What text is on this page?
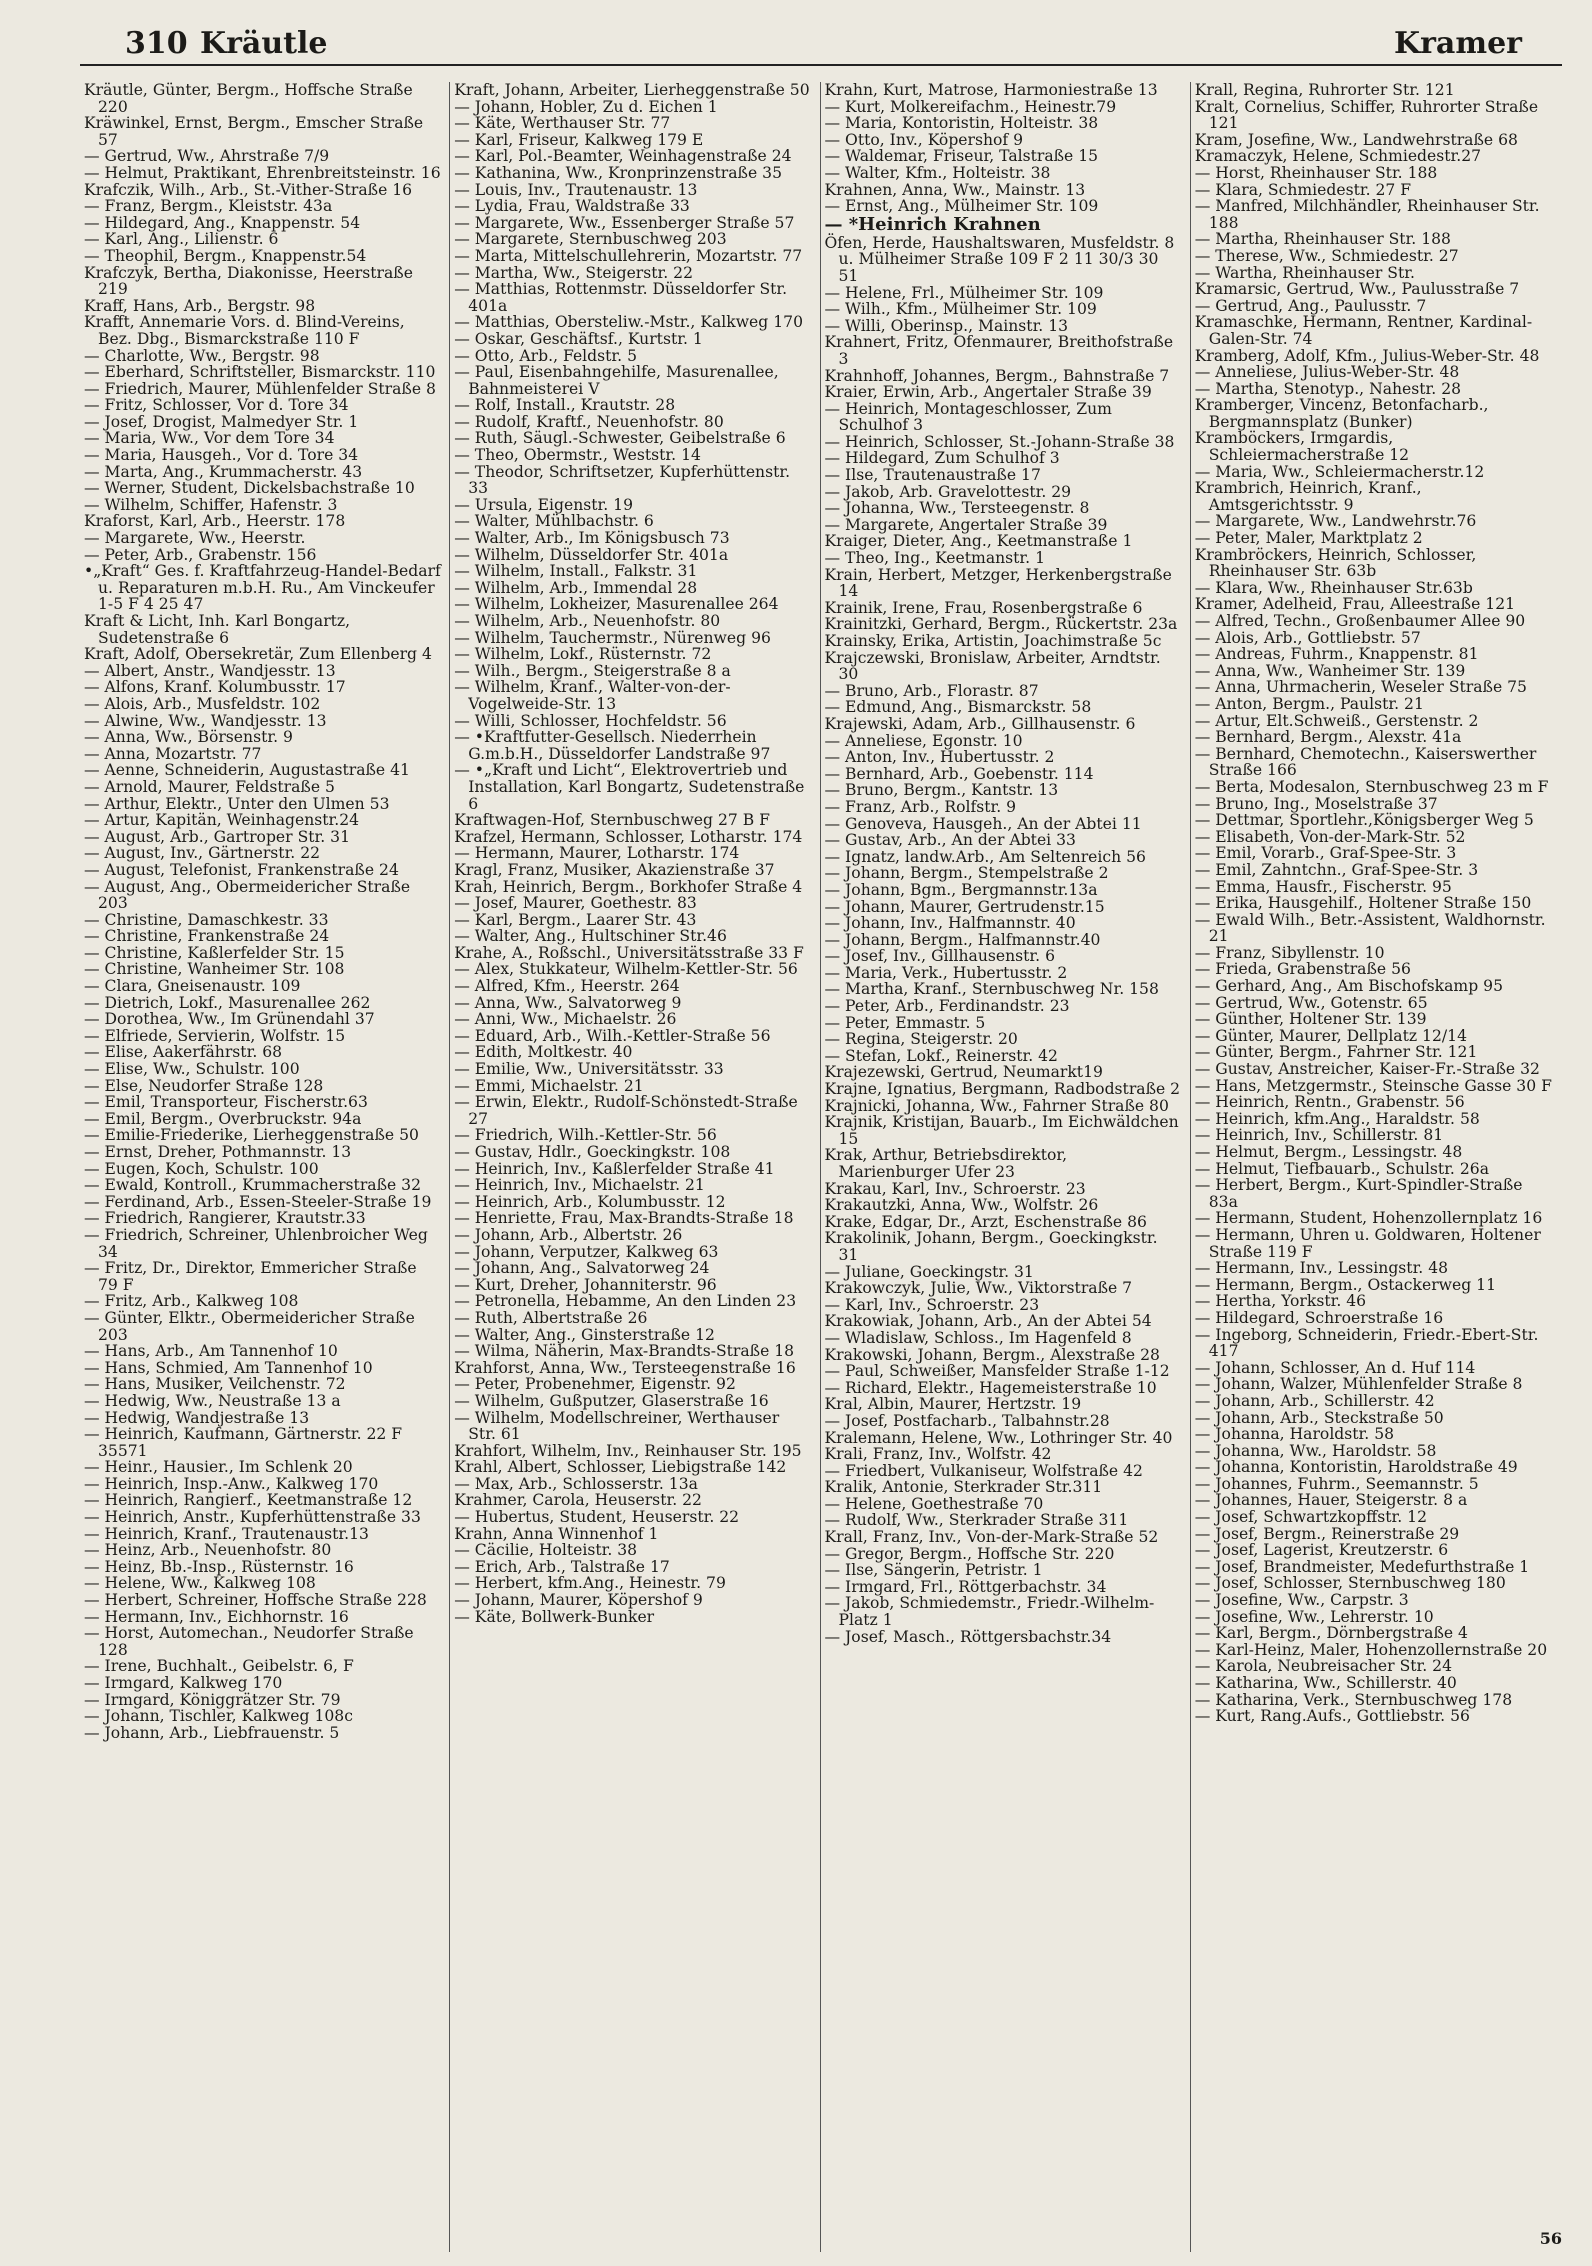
310 Kräutle	Kramer
Kräutle, Günter, Bergm., Hoffsche Straße 220
Kräwinkel, Ernst, Bergm., Emscher Straße 57
— Gertrud, Ww., Ahrstraße 7/9
— Helmut, Praktikant, Ehrenbreitsteinstr. 16
Krafczik, Wilh., Arb., St.-Vither-Straße 16
— Franz, Bergm., Kleiststr. 43a
— Hildegard, Ang., Knappenstr. 54
— Karl, Ang., Lilienstr. 6
— Theophil, Bergm., Knappenstr.54
Krafczyk, Bertha, Diakonisse, Heerstraße 219
Kraff, Hans, Arb., Bergstr. 98
Krafft, Annemarie Vors. d. Blind-Vereins, Bez. Dbg., Bismarckstraße 110 F
— Charlotte, Ww., Bergstr. 98
— Eberhard, Schriftsteller, Bismarckstr. 110
— Friedrich, Maurer, Mühlenfelder Straße 8
— Fritz, Schlosser, Vor d. Tore 34
— Josef, Drogist, Malmedyer Str. 1
— Maria, Ww., Vor dem Tore 34
— Maria, Hausgeh., Vor d. Tore 34
— Marta, Ang., Krummacherstr. 43
— Werner, Student, Dickelsbachstraße 10
— Wilhelm, Schiffer, Hafenstr. 3
Kraforst, Karl, Arb., Heerstr. 178
— Margarete, Ww., Heerstr.
— Peter, Arb., Grabenstr. 156
•„Kraft“ Ges. f. Kraftfahrzeug-Handel-Bedarf u. Reparaturen m.b.H. Ru., Am Vinckeufer 1-5 F 4 25 47
Kraft & Licht, Inh. Karl Bongartz, Sudetenstraße 6
Kraft, Adolf, Obersekretär, Zum Ellenberg 4
— Albert, Anstr., Wandjesstr. 13
— Alfons, Kranf. Kolumbusstr. 17
— Alois, Arb., Musfeldstr. 102
— Alwine, Ww., Wandjesstr. 13
— Anna, Ww., Börsenstr. 9
— Anna, Mozartstr. 77
— Aenne, Schneiderin, Augustastraße 41
— Arnold, Maurer, Feldstraße 5
— Arthur, Elektr., Unter den Ulmen 53
— Artur, Kapitän, Weinhagenstr.24
— August, Arb., Gartroper Str. 31
— August, Inv., Gärtnerstr. 22
— August, Telefonist, Frankenstraße 24
— August, Ang., Obermeidericher Straße 203
— Christine, Damaschkestr. 33
— Christine, Frankenstraße 24
— Christine, Kaßlerfelder Str. 15
— Christine, Wanheimer Str. 108
— Clara, Gneisenaustr. 109
— Dietrich, Lokf., Masurenallee 262
— Dorothea, Ww., Im Grünendahl 37
— Elfriede, Servierin, Wolfstr. 15
— Elise, Aakerfährstr. 68
— Elise, Ww., Schulstr. 100
— Else, Neudorfer Straße 128
— Emil, Transporteur, Fischerstr.63
— Emil, Bergm., Overbruckstr. 94a
— Emilie-Friederike, Lierheggenstraße 50
— Ernst, Dreher, Pothmannstr. 13
— Eugen, Koch, Schulstr. 100
— Ewald, Kontroll., Krummacherstraße 32
— Ferdinand, Arb., Essen-Steeler-Straße 19
— Friedrich, Rangierer, Krautstr.33
— Friedrich, Schreiner, Uhlenbroicher Weg 34
— Fritz, Dr., Direktor, Emmericher Straße 79 F
— Fritz, Arb., Kalkweg 108
— Günter, Elktr., Obermeidericher Straße 203
— Hans, Arb., Am Tannenhof 10
— Hans, Schmied, Am Tannenhof 10
— Hans, Musiker, Veilchenstr. 72
— Hedwig, Ww., Neustraße 13 a
— Hedwig, Wandjestraße 13
— Heinrich, Kaufmann, Gärtnerstr. 22 F 35571
— Heinr., Hausier., Im Schlenk 20
— Heinrich, Insp.-Anw., Kalkweg 170
— Heinrich, Rangierf., Keetmanstraße 12
— Heinrich, Anstr., Kupferhüttenstraße 33
— Heinrich, Kranf., Trautenaustr.13
— Heinz, Arb., Neuenhofstr. 80
— Heinz, Bb.-Insp., Rüsternstr. 16
— Helene, Ww., Kalkweg 108
— Herbert, Schreiner, Hoffsche Straße 228
— Hermann, Inv., Eichhornstr. 16
— Horst, Automechan., Neudorfer Straße 128
— Irene, Buchhalt., Geibelstr. 6, F
— Irmgard, Kalkweg 170
— Irmgard, Königgrätzer Str. 79
— Johann, Tischler, Kalkweg 108c
— Johann, Arb., Liebfrauenstr. 5
Kraft, Johann, Arbeiter, Lierheggenstraße 50
— Johann, Hobler, Zu d. Eichen 1
— Käte, Werthauser Str. 77
— Karl, Friseur, Kalkweg 179 E
— Karl, Pol.-Beamter, Weinhagenstraße 24
— Kathanina, Ww., Kronprinzenstraße 35
— Louis, Inv., Trautenaustr. 13
— Lydia, Frau, Waldstraße 33
— Margarete, Ww., Essenberger Straße 57
— Margarete, Sternbuschweg 203
— Marta, Mittelschullehrerin, Mozartstr. 77
— Martha, Ww., Steigerstr. 22
— Matthias, Rottenmstr. Düsseldorfer Str. 401a
— Matthias, Obersteliw.-Mstr., Kalkweg 170
— Oskar, Geschäftsf., Kurtstr. 1
— Otto, Arb., Feldstr. 5
— Paul, Eisenbahngehilfe, Masurenallee, Bahnmeisterei V
— Rolf, Install., Krautstr. 28
— Rudolf, Kraftf., Neuenhofstr. 80
— Ruth, Säugl.-Schwester, Geibelstraße 6
— Theo, Obermstr., Weststr. 14
— Theodor, Schriftsetzer, Kupferhüttenstr. 33
— Ursula, Eigenstr. 19
— Walter, Mühlbachstr. 6
— Walter, Arb., Im Königsbusch 73
— Wilhelm, Düsseldorfer Str. 401a
— Wilhelm, Install., Falkstr. 31
— Wilhelm, Arb., Immendal 28
— Wilhelm, Lokheizer, Masurenallee 264
— Wilhelm, Arb., Neuenhofstr. 80
— Wilhelm, Tauchermstr., Nürenweg 96
— Wilhelm, Lokf., Rüsternstr. 72
— Wilh., Bergm., Steigerstraße 8 a
— Wilhelm, Kranf., Walter-von-der-Vogelweide-Str. 13
— Willi, Schlosser, Hochfeldstr. 56
— •Kraftfutter-Gesellsch. Niederrhein G.m.b.H., Düsseldorfer Landstraße 97
— •„Kraft und Licht“, Elektrovertrieb und Installation, Karl Bongartz, Sudetenstraße 6
Kraftwagen-Hof, Sternbuschweg 27 B F
Krafzel, Hermann, Schlosser, Lotharstr. 174
— Hermann, Maurer, Lotharstr. 174
Kragl, Franz, Musiker, Akazienstraße 37
Krah, Heinrich, Bergm., Borkhofer Straße 4
— Josef, Maurer, Goethestr. 83
— Karl, Bergm., Laarer Str. 43
— Walter, Ang., Hultschiner Str.46
Krahe, A., Roßschl., Universitätsstraße 33 F
— Alex, Stukkateur, Wilhelm-Kettler-Str. 56
— Alfred, Kfm., Heerstr. 264
— Anna, Ww., Salvatorweg 9
— Anni, Ww., Michaelstr. 26
— Eduard, Arb., Wilh.-Kettler-Straße 56
— Edith, Moltkestr. 40
— Emilie, Ww., Universitätsstr. 33
— Emmi, Michaelstr. 21
— Erwin, Elektr., Rudolf-Schönstedt-Straße 27
— Friedrich, Wilh.-Kettler-Str. 56
— Gustav, Hdlr., Goeckingkstr. 108
— Heinrich, Inv., Kaßlerfelder Straße 41
— Heinrich, Inv., Michaelstr. 21
— Heinrich, Arb., Kolumbusstr. 12
— Henriette, Frau, Max-Brandts-Straße 18
— Johann, Arb., Albertstr. 26
— Johann, Verputzer, Kalkweg 63
— Johann, Ang., Salvatorweg 24
— Kurt, Dreher, Johanniterstr. 96
— Petronella, Hebamme, An den Linden 23
— Ruth, Albertstraße 26
— Walter, Ang., Ginsterstraße 12
— Wilma, Näherin, Max-Brandts-Straße 18
Krahforst, Anna, Ww., Tersteegenstraße 16
— Peter, Probenehmer, Eigenstr. 92
— Wilhelm, Gußputzer, Glaserstraße 16
— Wilhelm, Modellschreiner, Werthauser Str. 61
Krahfort, Wilhelm, Inv., Reinhauser Str. 195
Krahl, Albert, Schlosser, Liebigstraße 142
— Max, Arb., Schlosserstr. 13a
Krahmer, Carola, Heuserstr. 22
— Hubertus, Student, Heuserstr. 22
Krahn, Anna Winnenhof 1
— Cäcilie, Holteistr. 38
— Erich, Arb., Talstraße 17
— Herbert, kfm.Ang., Heinestr. 79
— Johann, Maurer, Köpershof 9
— Käte, Bollwerk-Bunker
Krahn, Kurt, Matrose, Harmoniestraße 13
— Kurt, Molkereifachm., Heinestr.79
— Maria, Kontoristin, Holteistr. 38
— Otto, Inv., Köpershof 9
— Waldemar, Friseur, Talstraße 15
— Walter, Kfm., Holteistr. 38
Krahnen, Anna, Ww., Mainstr. 13
— Ernst, Ang., Mülheimer Str. 109
— *Heinrich Krahnen
Öfen, Herde, Haushaltswaren, Musfeldstr. 8 u. Mülheimer Straße 109 F 2 11 30/3 30 51
— Helene, Frl., Mülheimer Str. 109
— Wilh., Kfm., Mülheimer Str. 109
— Willi, Oberinsp., Mainstr. 13
Krahnert, Fritz, Ofenmaurer, Breithofstraße 3
Krahnhoff, Johannes, Bergm., Bahnstraße 7
Kraier, Erwin, Arb., Angertaler Straße 39
— Heinrich, Montageschlosser, Zum Schulhof 3
— Heinrich, Schlosser, St.-Johann-Straße 38
— Hildegard, Zum Schulhof 3
— Ilse, Trautenaustraße 17
— Jakob, Arb. Gravelottestr. 29
— Johanna, Ww., Tersteegenstr. 8
— Margarete, Angertaler Straße 39
Kraiger, Dieter, Ang., Keetmanstraße 1
— Theo, Ing., Keetmanstr. 1
Krain, Herbert, Metzger, Herkenbergstraße 14
Krainik, Irene, Frau, Rosenbergstraße 6
Krainitzki, Gerhard, Bergm., Rückertstr. 23a
Krainsky, Erika, Artistin, Joachimstraße 5c
Krajczewski, Bronislaw, Arbeiter, Arndtstr. 30
— Bruno, Arb., Florastr. 87
— Edmund, Ang., Bismarckstr. 58
Krajewski, Adam, Arb., Gillhausenstr. 6
— Anneliese, Egonstr. 10
— Anton, Inv., Hubertusstr. 2
— Bernhard, Arb., Goebenstr. 114
— Bruno, Bergm., Kantstr. 13
— Franz, Arb., Rolfstr. 9
— Genoveva, Hausgeh., An der Abtei 11
— Gustav, Arb., An der Abtei 33
— Ignatz, landw.Arb., Am Seltenreich 56
— Johann, Bergm., Stempelstraße 2
— Johann, Bgm., Bergmannstr.13a
— Johann, Maurer, Gertrudenstr.15
— Johann, Inv., Halfmannstr. 40
— Johann, Bergm., Halfmannstr.40
— Josef, Inv., Gillhausenstr. 6
— Maria, Verk., Hubertusstr. 2
— Martha, Kranf., Sternbuschweg Nr. 158
— Peter, Arb., Ferdinandstr. 23
— Peter, Emmastr. 5
— Regina, Steigerstr. 20
— Stefan, Lokf., Reinerstr. 42
Krajezewski, Gertrud, Neumarkt19
Krajne, Ignatius, Bergmann, Radbodstraße 2
Krajnicki, Johanna, Ww., Fahrner Straße 80
Krajnik, Kristijan, Bauarb., Im Eichwäldchen 15
Krak, Arthur, Betriebsdirektor, Marienburger Ufer 23
Krakau, Karl, Inv., Schroerstr. 23
Krakautzki, Anna, Ww., Wolfstr. 26
Krake, Edgar, Dr., Arzt, Eschenstraße 86
Krakolinik, Johann, Bergm., Goeckingkstr. 31
— Juliane, Goeckingstr. 31
Krakowczyk, Julie, Ww., Viktorstraße 7
— Karl, Inv., Schroerstr. 23
Krakowiak, Johann, Arb., An der Abtei 54
— Wladislaw, Schloss., Im Hagenfeld 8
Krakowski, Johann, Bergm., Alexstraße 28
— Paul, Schweißer, Mansfelder Straße 1-12
— Richard, Elektr., Hagemeisterstraße 10
Kral, Albin, Maurer, Hertzstr. 19
— Josef, Postfacharb., Talbahnstr.28
Kralemann, Helene, Ww., Lothringer Str. 40
Krali, Franz, Inv., Wolfstr. 42
— Friedbert, Vulkaniseur, Wolfstraße 42
Kralik, Antonie, Sterkrader Str.311
— Helene, Goethestraße 70
— Rudolf, Ww., Sterkrader Straße 311
Krall, Franz, Inv., Von-der-Mark-Straße 52
— Gregor, Bergm., Hoffsche Str. 220
— Ilse, Sängerin, Petristr. 1
— Irmgard, Frl., Röttgerbachstr. 34
— Jakob, Schmiedemstr., Friedr.-Wilhelm-Platz 1
— Josef, Masch., Röttgersbachstr.34
Krall, Regina, Ruhrorter Str. 121
Kralt, Cornelius, Schiffer, Ruhrorter Straße 121
Kram, Josefine, Ww., Landwehrstraße 68
Kramaczyk, Helene, Schmiedestr.27
— Horst, Rheinhauser Str. 188
— Klara, Schmiedestr. 27 F
— Manfred, Milchhändler, Rheinhauser Str. 188
— Martha, Rheinhauser Str. 188
— Therese, Ww., Schmiedestr. 27
— Wartha, Rheinhauser Str.
Kramarsic, Gertrud, Ww., Paulusstraße 7
— Gertrud, Ang., Paulusstr. 7
Kramaschke, Hermann, Rentner, Kardinal-Galen-Str. 74
Kramberg, Adolf, Kfm., Julius-Weber-Str. 48
— Anneliese, Julius-Weber-Str. 48
— Martha, Stenotyp., Nahestr. 28
Kramberger, Vincenz, Betonfacharb., Bergmannsplatz (Bunker)
Kramböckers, Irmgardis, Schleiermacherstraße 12
— Maria, Ww., Schleiermacherstr.12
Krambrich, Heinrich, Kranf., Amtsgerichtsstr. 9
— Margarete, Ww., Landwehrstr.76
— Peter, Maler, Marktplatz 2
Krambröckers, Heinrich, Schlosser, Rheinhauser Str. 63b
— Klara, Ww., Rheinhauser Str.63b
Kramer, Adelheid, Frau, Alleestraße 121
— Alfred, Techn., Großenbaumer Allee 90
— Alois, Arb., Gottliebstr. 57
— Andreas, Fuhrm., Knappenstr. 81
— Anna, Ww., Wanheimer Str. 139
— Anna, Uhrmacherin, Weseler Straße 75
— Anton, Bergm., Paulstr. 21
— Artur, Elt.Schweiß., Gerstenstr. 2
— Bernhard, Bergm., Alexstr. 41a
— Bernhard, Chemotechn., Kaiserswerther Straße 166
— Berta, Modesalon, Sternbuschweg 23 m F
— Bruno, Ing., Moselstraße 37
— Dettmar, Sportlehr.,Königsberger Weg 5
— Elisabeth, Von-der-Mark-Str. 52
— Emil, Vorarb., Graf-Spee-Str. 3
— Emil, Zahntchn., Graf-Spee-Str. 3
— Emma, Hausfr., Fischerstr. 95
— Erika, Hausgehilf., Holtener Straße 150
— Ewald Wilh., Betr.-Assistent, Waldhornstr. 21
— Franz, Sibyllenstr. 10
— Frieda, Grabenstraße 56
— Gerhard, Ang., Am Bischofskamp 95
— Gertrud, Ww., Gotenstr. 65
— Günther, Holtener Str. 139
— Günter, Maurer, Dellplatz 12/14
— Günter, Bergm., Fahrner Str. 121
— Gustav, Anstreicher, Kaiser-Fr.-Straße 32
— Hans, Metzgermstr., Steinsche Gasse 30 F
— Heinrich, Rentn., Grabenstr. 56
— Heinrich, kfm.Ang., Haraldstr. 58
— Heinrich, Inv., Schillerstr. 81
— Helmut, Bergm., Lessingstr. 48
— Helmut, Tiefbauarb., Schulstr. 26a
— Herbert, Bergm., Kurt-Spindler-Straße 83a
— Hermann, Student, Hohenzollernplatz 16
— Hermann, Uhren u. Goldwaren, Holtener Straße 119 F
— Hermann, Inv., Lessingstr. 48
— Hermann, Bergm., Ostackerweg 11
— Hertha, Yorkstr. 46
— Hildegard, Schroerstraße 16
— Ingeborg, Schneiderin, Friedr.-Ebert-Str. 417
— Johann, Schlosser, An d. Huf 114
— Johann, Walzer, Mühlenfelder Straße 8
— Johann, Arb., Schillerstr. 42
— Johann, Arb., Steckstraße 50
— Johanna, Haroldstr. 58
— Johanna, Ww., Haroldstr. 58
— Johanna, Kontoristin, Haroldstraße 49
— Johannes, Fuhrm., Seemannstr. 5
— Johannes, Hauer, Steigerstr. 8 a
— Josef, Schwartzkopffstr. 12
— Josef, Bergm., Reinerstraße 29
— Josef, Lagerist, Kreutzerstr. 6
— Josef, Brandmeister, Medefurthstraße 1
— Josef, Schlosser, Sternbuschweg 180
— Josefine, Ww., Carpstr. 3
— Josefine, Ww., Lehrerstr. 10
— Karl, Bergm., Dörnbergstraße 4
— Karl-Heinz, Maler, Hohenzollernstraße 20
— Karola, Neubreisacher Str. 24
— Katharina, Ww., Schillerstr. 40
— Katharina, Verk., Sternbuschweg 178
— Kurt, Rang.Aufs., Gottliebstr. 56
56
